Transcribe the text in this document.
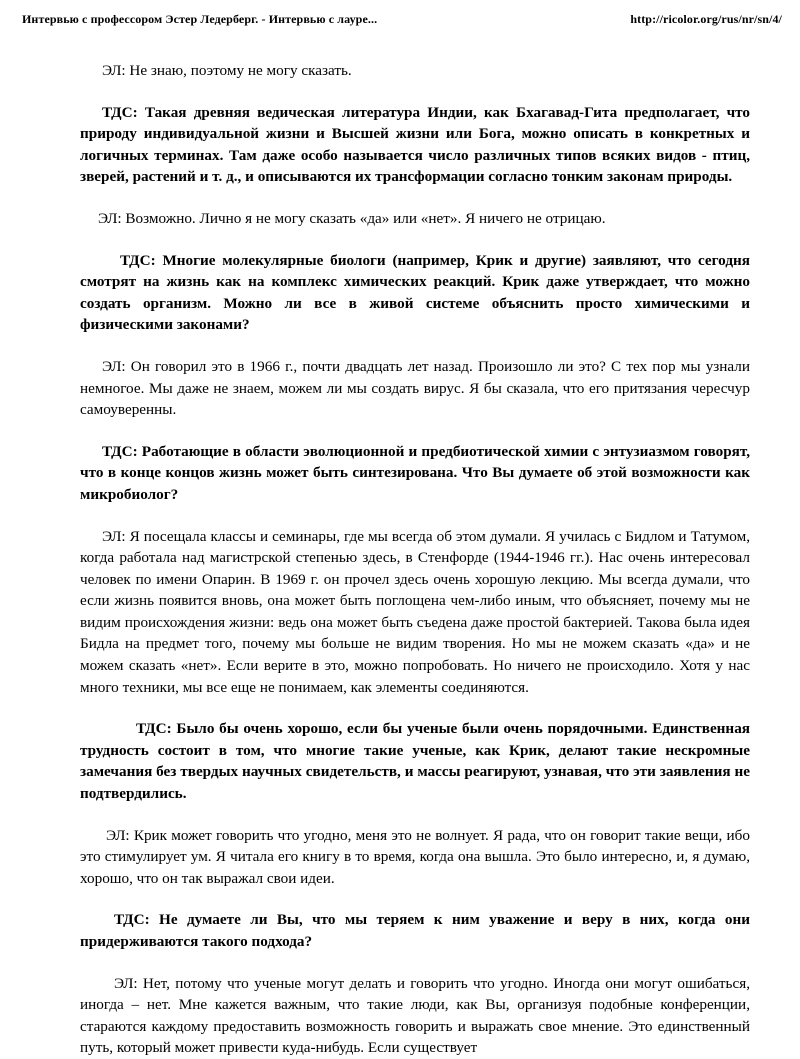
Интервью с профессором Эстер Ледерберг. - Интервью с лауре...	http://ricolor.org/rus/nr/sn/4/

ЭЛ: Не знаю, поэтому не могу сказать.

ТДС: Такая древняя ведическая литература Индии, как Бхагавад-Гита предполагает, что природу индивидуальной жизни и Высшей жизни или Бога, можно описать в конкретных и логичных терминах. Там даже особо называется число различных типов всяких видов - птиц, зверей, растений и т. д., и описываются их трансформации согласно тонким законам природы.

ЭЛ: Возможно. Лично я не могу сказать «да» или «нет». Я ничего не отрицаю.

ТДС: Многие молекулярные биологи (например, Крик и другие) заявляют, что сегодня смотрят на жизнь как на комплекс химических реакций. Крик даже утверждает, что можно создать организм. Можно ли все в живой системе объяснить просто химическими и физическими законами?

ЭЛ: Он говорил это в 1966 г., почти двадцать лет назад. Произошло ли это? С тех пор мы узнали немногое. Мы даже не знаем, можем ли мы создать вирус. Я бы сказала, что его притязания чересчур самоуверенны.

ТДС: Работающие в области эволюционной и предбиотической химии с энтузиазмом говорят, что в конце концов жизнь может быть синтезирована. Что Вы думаете об этой возможности как микробиолог?

ЭЛ: Я посещала классы и семинары, где мы всегда об этом думали. Я училась с Бидлом и Татумом, когда работала над магистрской степенью здесь, в Стенфорде (1944-1946 гг.). Нас очень интересовал человек по имени Опарин. В 1969 г. он прочел здесь очень хорошую лекцию. Мы всегда думали, что если жизнь появится вновь, она может быть поглощена чем-либо иным, что объясняет, почему мы не видим происхождения жизни: ведь она может быть съедена даже простой бактерией. Такова была идея Бидла на предмет того, почему мы больше не видим творения. Но мы не можем сказать «да» и не можем сказать «нет». Если верите в это, можно попробовать. Но ничего не происходило. Хотя у нас много техники, мы все еще не понимаем, как элементы соединяются.

ТДС: Было бы очень хорошо, если бы ученые были очень порядочными. Единственная трудность состоит в том, что многие такие ученые, как Крик, делают такие нескромные замечания без твердых научных свидетельств, и массы реагируют, узнавая, что эти заявления не подтвердились.

ЭЛ: Крик может говорить что угодно, меня это не волнует. Я рада, что он говорит такие вещи, ибо это стимулирует ум. Я читала его книгу в то время, когда она вышла. Это было интересно, и, я думаю, хорошо, что он так выражал свои идеи.

ТДС: Не думаете ли Вы, что мы теряем к ним уважение и веру в них, когда они придерживаются такого подхода?

ЭЛ: Нет, потому что ученые могут делать и говорить что угодно. Иногда они могут ошибаться, иногда – нет. Мне кажется важным, что такие люди, как Вы, организуя подобные конференции, стараются каждому предоставить возможность говорить и выражать свое мнение. Это единственный путь, который может привести куда-нибудь. Если существует
